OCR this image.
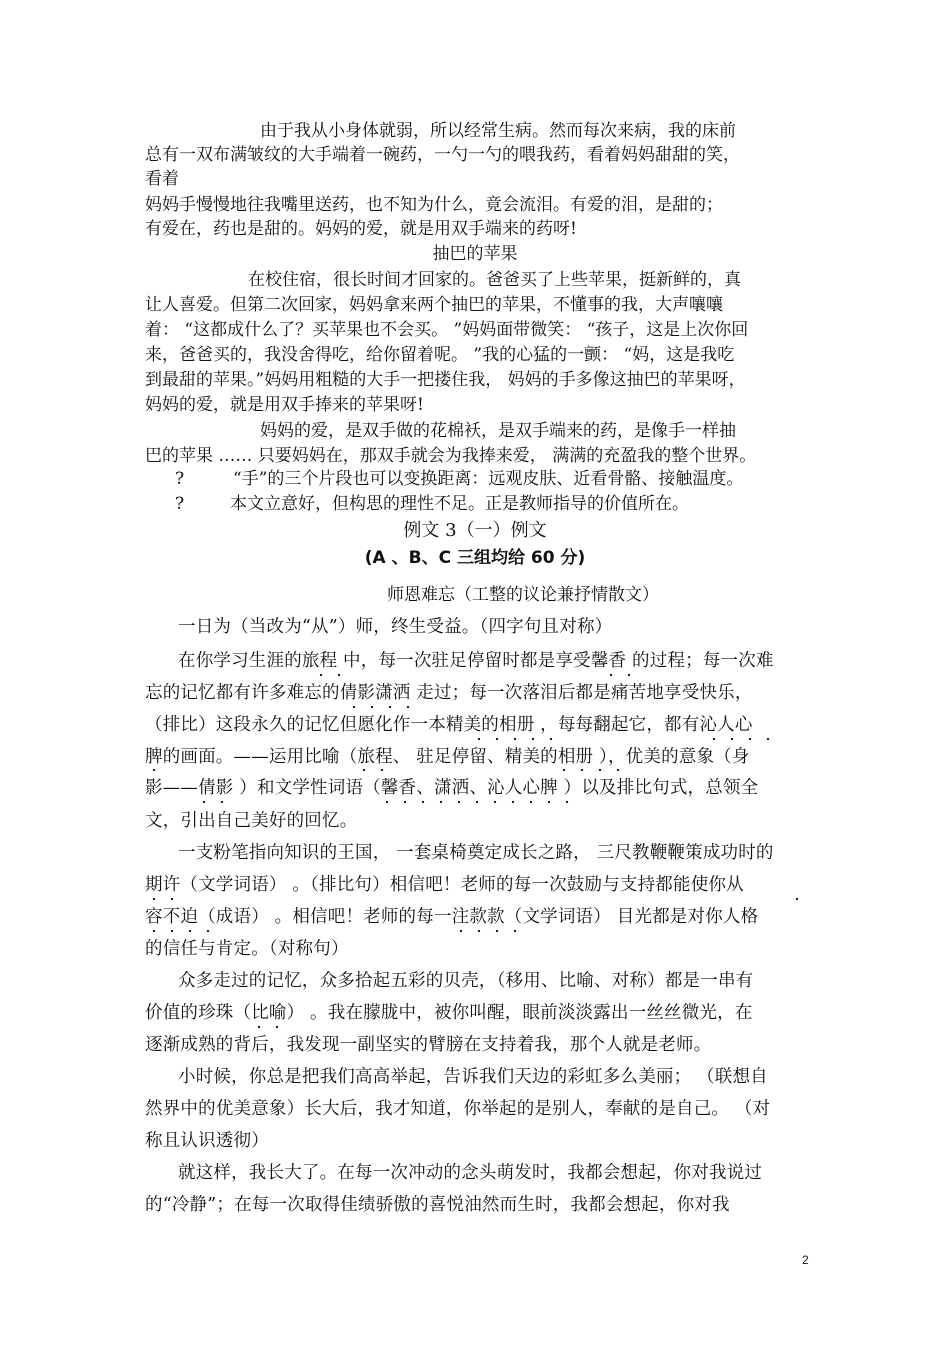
由于我从小身体就弱，所以经常生病。然而每次来病，我的床前
总有一双布满皱纹的大手端着一碗药，一勺一勺的喂我药，看着妈妈甜甜的笑，
看着
妈妈手慢慢地往我嘴里送药，也不知为什么，竟会流泪。有爱的泪，是甜的；
有爱在，药也是甜的。妈妈的爱，就是用双手端来的药呀!
抽巴的苹果
在校住宿，很长时间才回家的。爸爸买了上些苹果，挺新鲜的，真
让人喜爱。但第二次回家，妈妈拿来两个抽巴的苹果，不懂事的我，大声嚷嚷
着： “这都成什么了？买苹果也不会买。 ”妈妈面带微笑： “孩子，这是上次你回
来，爸爸买的，我没舍得吃，给你留着呢。 ”我的心猛的一颤： “妈，这是我吃
到最甜的苹果。”妈妈用粗糙的大手一把搂住我， 妈妈的手多像这抽巴的苹果呀，
妈妈的爱，就是用双手捧来的苹果呀!
妈妈的爱，是双手做的花棉袄，是双手端来的药，是像手一样抽
巴的苹果 …… 只要妈妈在，那双手就会为我捧来爱， 满满的充盈我的整个世界。
?	“手”的三个片段也可以变换距离：远观皮肤、近看骨骼、接触温度。
?	本文立意好，但构思的理性不足。正是教师指导的价值所在。
例文 3（一）例文
(A 、B、C 三组均给 60 分)
师恩难忘（工整的议论兼抒情散文）
一日为（当改为“从”）师，终生受益。（四字句且对称）
在你学习生涯的旅程 中，每一次驻足停留时都是享受馨香 的过程；每一次难
忘的记忆都有许多难忘的倩影潇洒 走过；每一次落泪后都是痛苦地享受快乐，
（排比）这段永久的记忆但愿化作一本精美的相册 ，每每翻起它，都有沁人心
脾的画面。——运用比喻（旅程、 驻足停留、精美的相册 ），优美的意象（身
影——倩影 ）和文学性词语（馨香、潇洒、沁人心脾 ）以及排比句式，总领全
文，引出自己美好的回忆。
一支粉笔指向知识的王国， 一套桌椅奠定成长之路， 三尺教鞭鞭策成功时的
期许（文学词语） 。（排比句）相信吧！老师的每一次鼓励与支持都能使你从
容不迫（成语） 。相信吧！老师的每一注款款（文学词语） 目光都是对你人格
的信任与肯定。（对称句）
众多走过的记忆，众多拾起五彩的贝壳，（移用、比喻、对称）都是一串有
价值的珍珠（比喻） 。我在朦胧中，被你叫醒，眼前淡淡露出一丝丝微光，在
逐渐成熟的背后，我发现一副坚实的臂膀在支持着我，那个人就是老师。
小时候，你总是把我们高高举起，告诉我们天边的彩虹多么美丽； （联想自
然界中的优美意象）长大后，我才知道，你举起的是别人，奉献的是自己。 （对
称且认识透彻）
就这样，我长大了。在每一次冲动的念头萌发时，我都会想起，你对我说过
的“冷静”；在每一次取得佳绩骄傲的喜悦油然而生时，我都会想起，你对我
2
